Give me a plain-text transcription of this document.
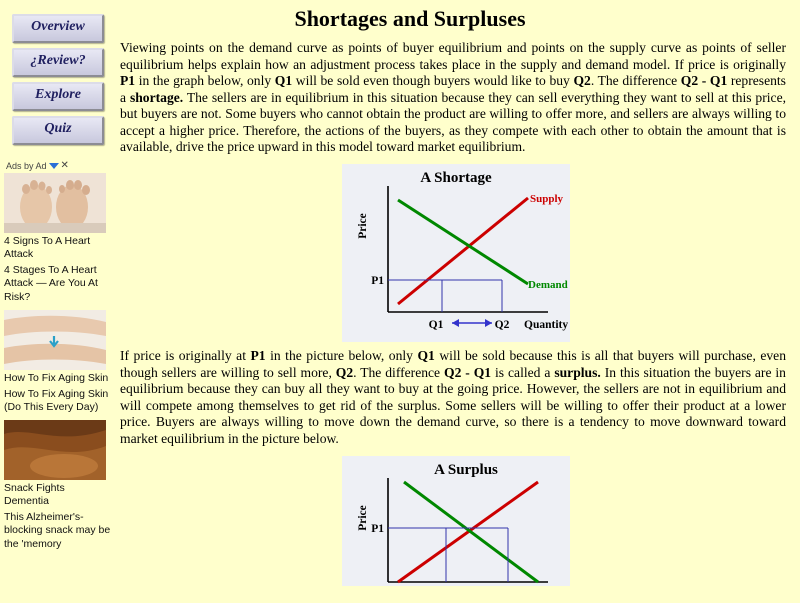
Shortages and Surpluses
Overview
¿Review?
Explore
Quiz
Ads by Ad ✕
4 Signs To A Heart Attack
4 Stages To A Heart Attack — Are You At Risk?
How To Fix Aging Skin
How To Fix Aging Skin (Do This Every Day)
Snack Fights Dementia
This Alzheimer's-blocking snack may be the 'memory

Viewing points on the demand curve as points of buyer equilibrium and points on the supply curve as points of seller equilibrium helps explain how an adjustment process takes place in the supply and demand model. If price is originally P1 in the graph below, only Q1 will be sold even though buyers would like to buy Q2. The difference Q2 - Q1 represents a shortage. The sellers are in equilibrium in this situation because they can sell everything they want to sell at this price, but buyers are not. Some buyers who cannot obtain the product are willing to offer more, and sellers are always willing to accept a higher price. Therefore, the actions of the buyers, as they compete with each other to obtain the amount that is available, drive the price upward in this model toward market equilibrium.

A Shortage
Price
Supply
Demand
P1
Q1	Q2 Quantity

If price is originally at P1 in the picture below, only Q1 will be sold because this is all that buyers will purchase, even though sellers are willing to sell more, Q2. The difference Q2 - Q1 is called a surplus. In this situation the buyers are in equilibrium because they can buy all they want to buy at the going price. However, the sellers are not in equilibrium and will compete among themselves to get rid of the surplus. Some sellers will be willing to offer their product at a lower price. Buyers are always willing to move down the demand curve, so there is a tendency to move downward toward market equilibrium in the picture below.

A Surplus
Price P1
